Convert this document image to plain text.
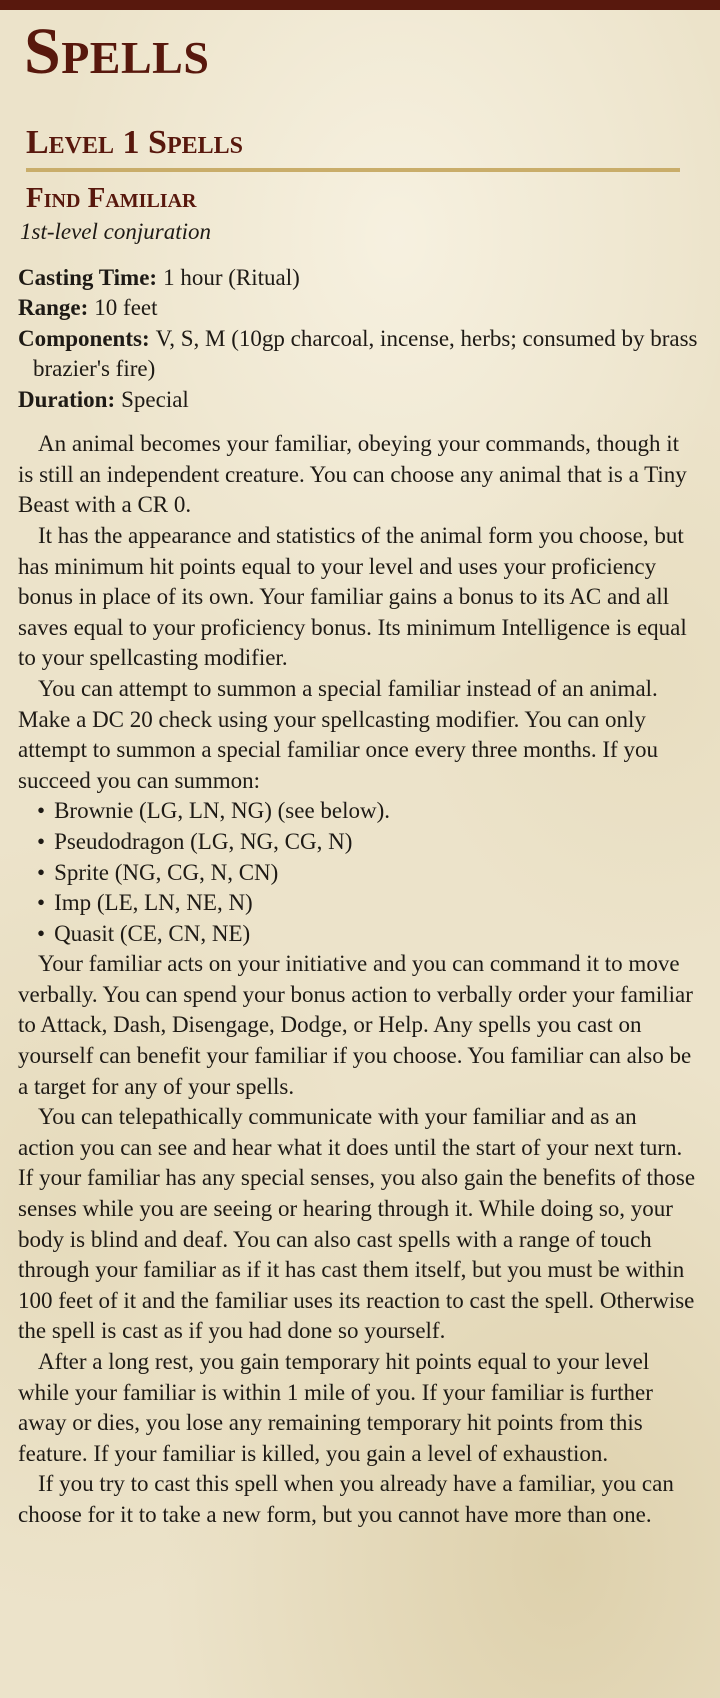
Spells
Level 1 Spells
Find Familiar
1st-level conjuration
Casting Time: 1 hour (Ritual)
Range: 10 feet
Components: V, S, M (10gp charcoal, incense, herbs; consumed by brass brazier's fire)
Duration: Special

An animal becomes your familiar, obeying your commands, though it is still an independent creature. You can choose any animal that is a Tiny Beast with a CR 0.

It has the appearance and statistics of the animal form you choose, but has minimum hit points equal to your level and uses your proficiency bonus in place of its own. Your familiar gains a bonus to its AC and all saves equal to your proficiency bonus. Its minimum Intelligence is equal to your spellcasting modifier.

You can attempt to summon a special familiar instead of an animal. Make a DC 20 check using your spellcasting modifier. You can only attempt to summon a special familiar once every three months. If you succeed you can summon:

• Brownie (LG, LN, NG) (see below).
• Pseudodragon (LG, NG, CG, N)
• Sprite (NG, CG, N, CN)
• Imp (LE, LN, NE, N)
• Quasit (CE, CN, NE)

Your familiar acts on your initiative and you can command it to move verbally. You can spend your bonus action to verbally order your familiar to Attack, Dash, Disengage, Dodge, or Help. Any spells you cast on yourself can benefit your familiar if you choose. You familiar can also be a target for any of your spells.

You can telepathically communicate with your familiar and as an action you can see and hear what it does until the start of your next turn. If your familiar has any special senses, you also gain the benefits of those senses while you are seeing or hearing through it. While doing so, your body is blind and deaf. You can also cast spells with a range of touch through your familiar as if it has cast them itself, but you must be within 100 feet of it and the familiar uses its reaction to cast the spell. Otherwise the spell is cast as if you had done so yourself.

After a long rest, you gain temporary hit points equal to your level while your familiar is within 1 mile of you. If your familiar is further away or dies, you lose any remaining temporary hit points from this feature. If your familiar is killed, you gain a level of exhaustion.

If you try to cast this spell when you already have a familiar, you can choose for it to take a new form, but you cannot have more than one.
